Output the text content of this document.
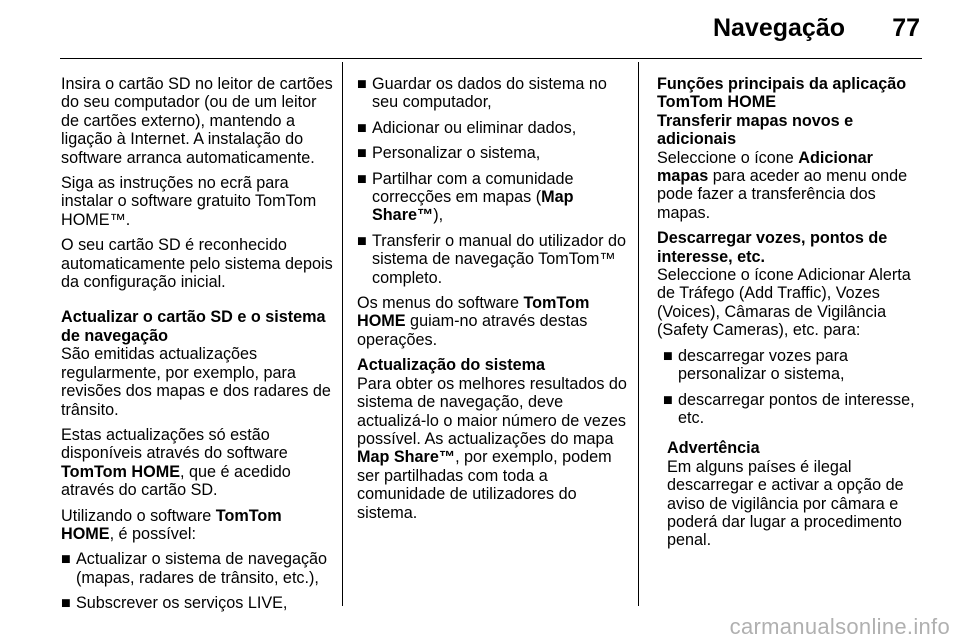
Navegação 77

Insira o cartão SD no leitor de cartões do seu computador (ou de um leitor de cartões externo), mantendo a ligação à Internet. A instalação do software arranca automaticamente.

Siga as instruções no ecrã para instalar o software gratuito TomTom HOME™.

O seu cartão SD é reconhecido automaticamente pelo sistema depois da configuração inicial.

Actualizar o cartão SD e o sistema de navegação

São emitidas actualizações regularmente, por exemplo, para revisões dos mapas e dos radares de trânsito.

Estas actualizações só estão disponíveis através do software TomTom HOME, que é acedido através do cartão SD.

Utilizando o software TomTom HOME, é possível:

■ Actualizar o sistema de navegação (mapas, radares de trânsito, etc.),
■ Subscrever os serviços LIVE,
■ Guardar os dados do sistema no seu computador,
■ Adicionar ou eliminar dados,
■ Personalizar o sistema,
■ Partilhar com a comunidade correcções em mapas (Map Share™),
■ Transferir o manual do utilizador do sistema de navegação TomTom™ completo.

Os menus do software TomTom HOME guiam-no através destas operações.

Actualização do sistema

Para obter os melhores resultados do sistema de navegação, deve actualizá-lo o maior número de vezes possível. As actualizações do mapa Map Share™, por exemplo, podem ser partilhadas com toda a comunidade de utilizadores do sistema.

Funções principais da aplicação TomTom HOME

Transferir mapas novos e adicionais

Seleccione o ícone Adicionar mapas para aceder ao menu onde pode fazer a transferência dos mapas.

Descarregar vozes, pontos de interesse, etc.

Seleccione o ícone Adicionar Alerta de Tráfego (Add Traffic), Vozes (Voices), Câmaras de Vigilância (Safety Cameras), etc. para:

■ descarregar vozes para personalizar o sistema,
■ descarregar pontos de interesse, etc.

Advertência

Em alguns países é ilegal descarregar e activar a opção de aviso de vigilância por câmara e poderá dar lugar a procedimento penal.

carmanualsonline.info
